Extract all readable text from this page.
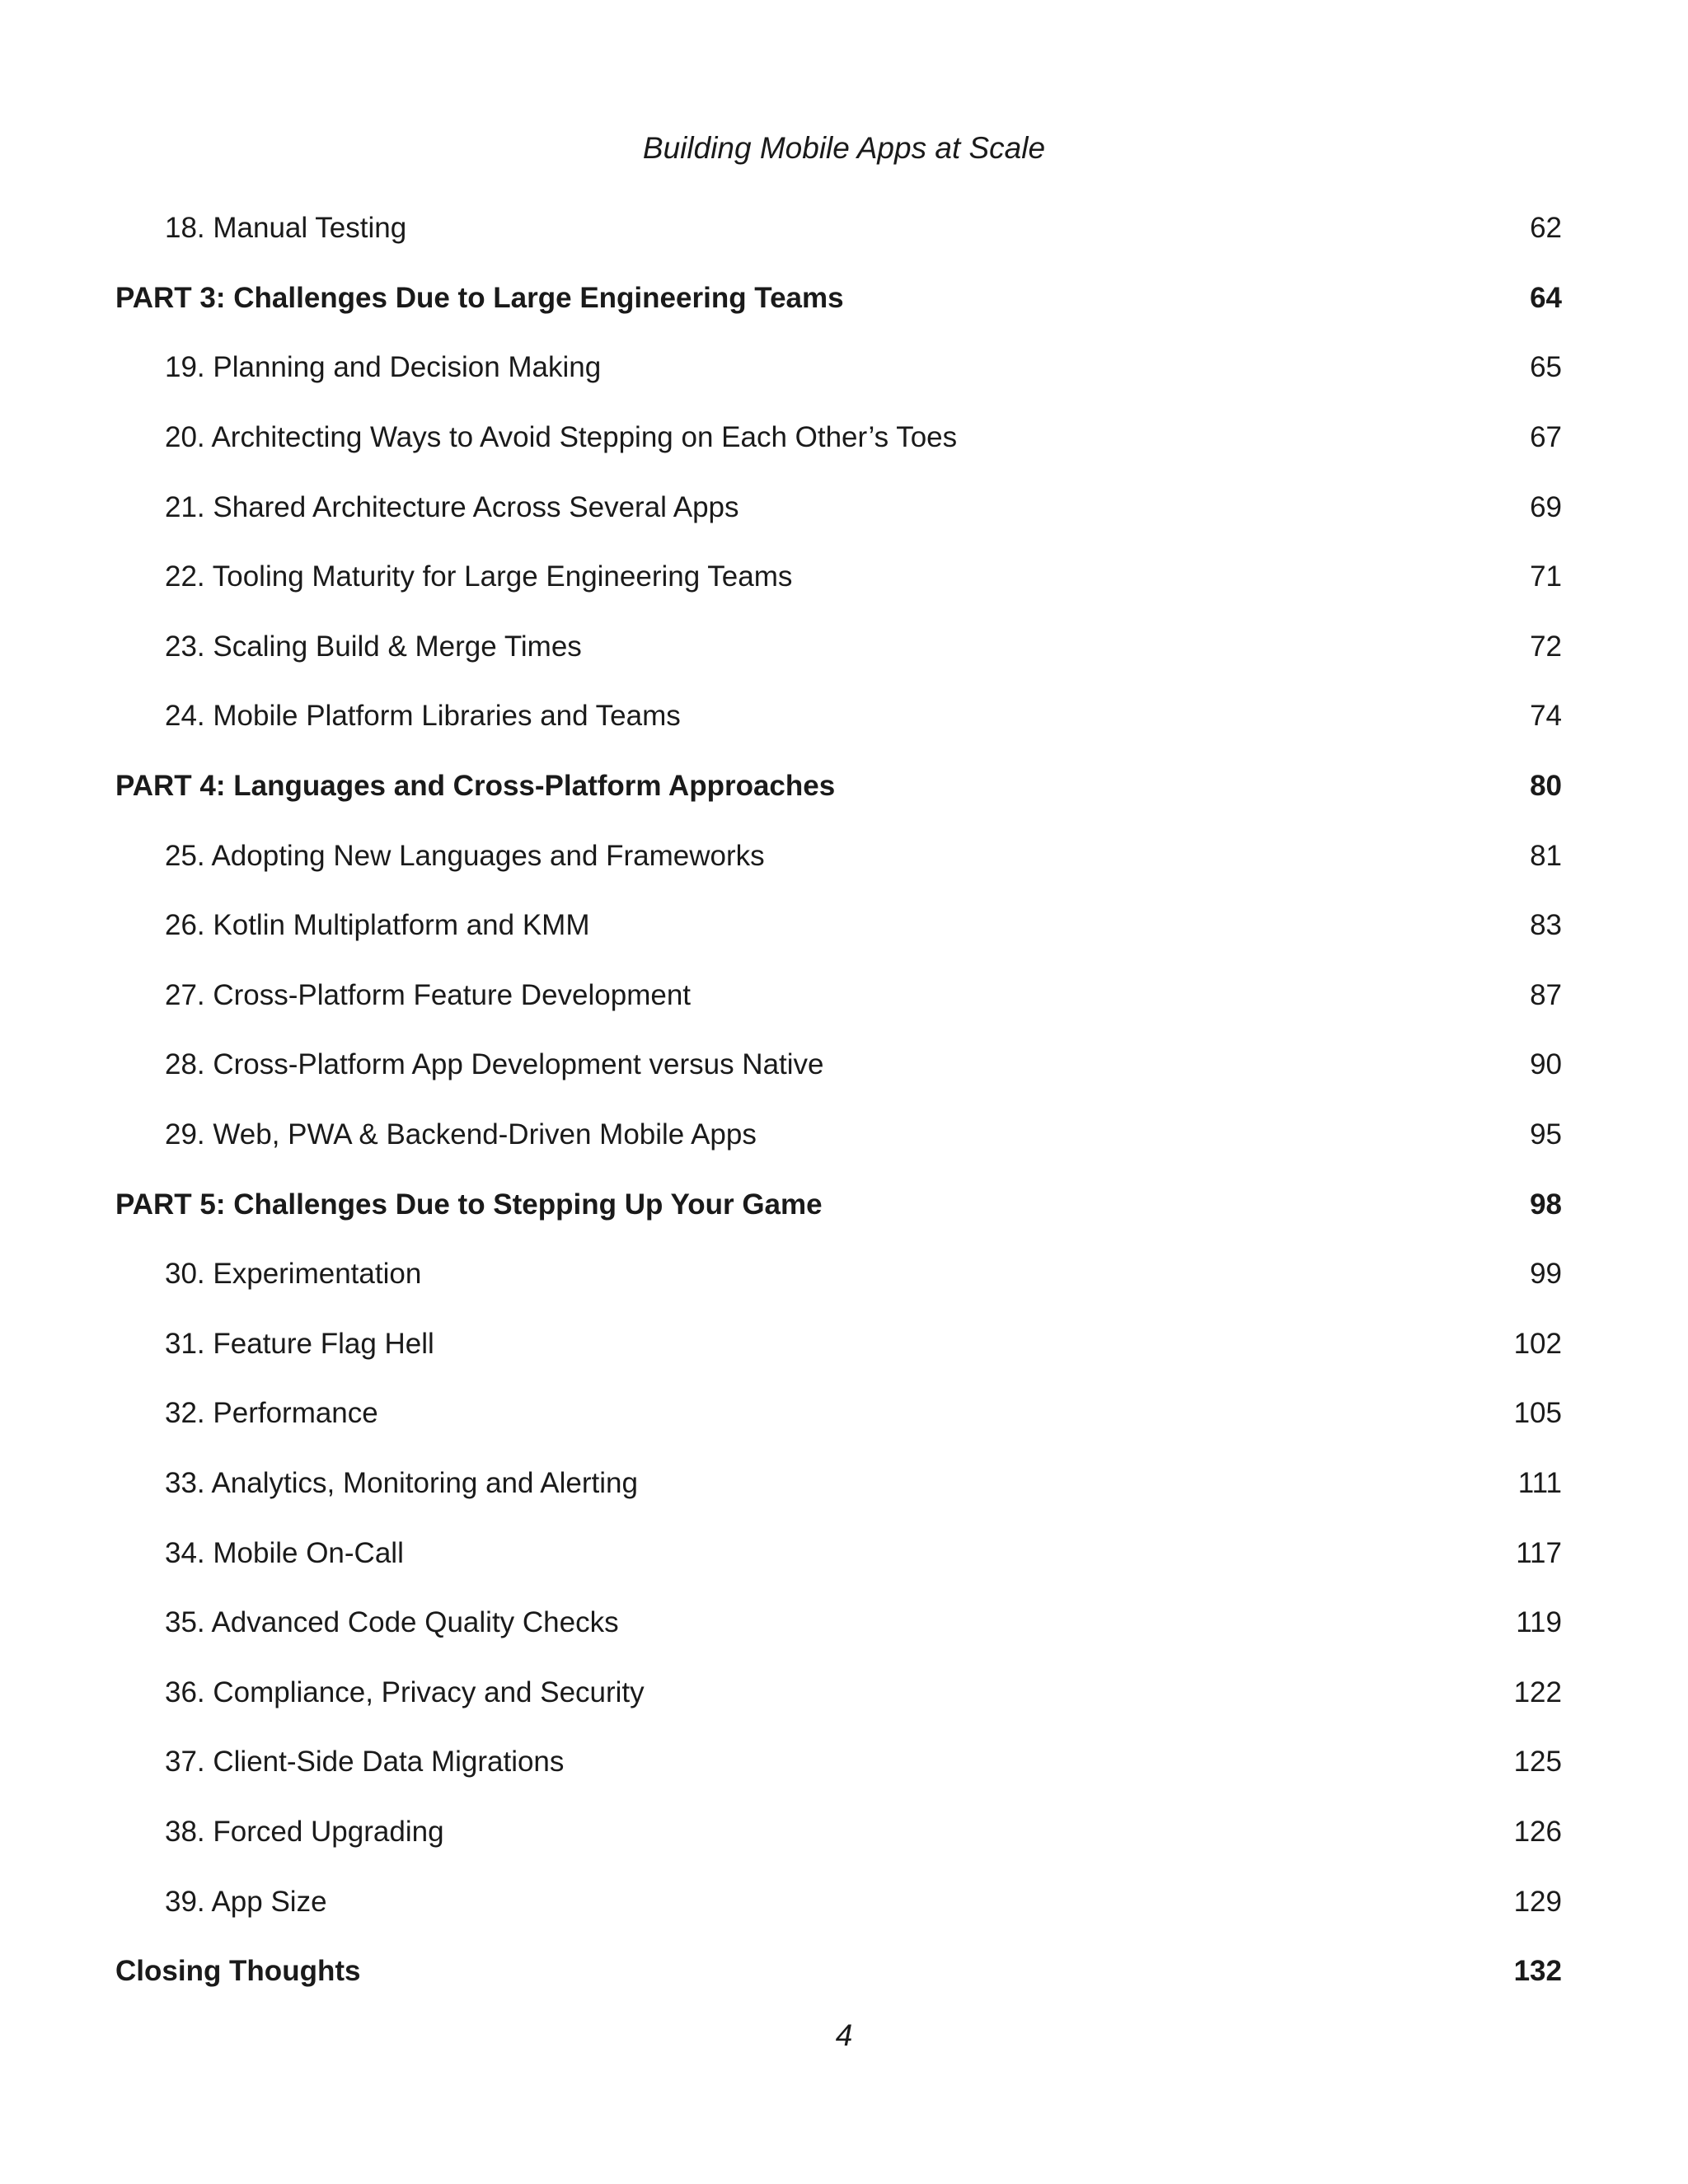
Building Mobile Apps at Scale
18. Manual Testing	62
PART 3: Challenges Due to Large Engineering Teams	64
19. Planning and Decision Making	65
20. Architecting Ways to Avoid Stepping on Each Other’s Toes	67
21. Shared Architecture Across Several Apps	69
22. Tooling Maturity for Large Engineering Teams	71
23. Scaling Build & Merge Times	72
24. Mobile Platform Libraries and Teams	74
PART 4: Languages and Cross-Platform Approaches	80
25. Adopting New Languages and Frameworks	81
26. Kotlin Multiplatform and KMM	83
27. Cross-Platform Feature Development	87
28. Cross-Platform App Development versus Native	90
29. Web, PWA & Backend-Driven Mobile Apps	95
PART 5: Challenges Due to Stepping Up Your Game	98
30. Experimentation	99
31. Feature Flag Hell	102
32. Performance	105
33. Analytics, Monitoring and Alerting	111
34. Mobile On-Call	117
35. Advanced Code Quality Checks	119
36. Compliance, Privacy and Security	122
37. Client-Side Data Migrations	125
38. Forced Upgrading	126
39. App Size	129
Closing Thoughts	132
4
